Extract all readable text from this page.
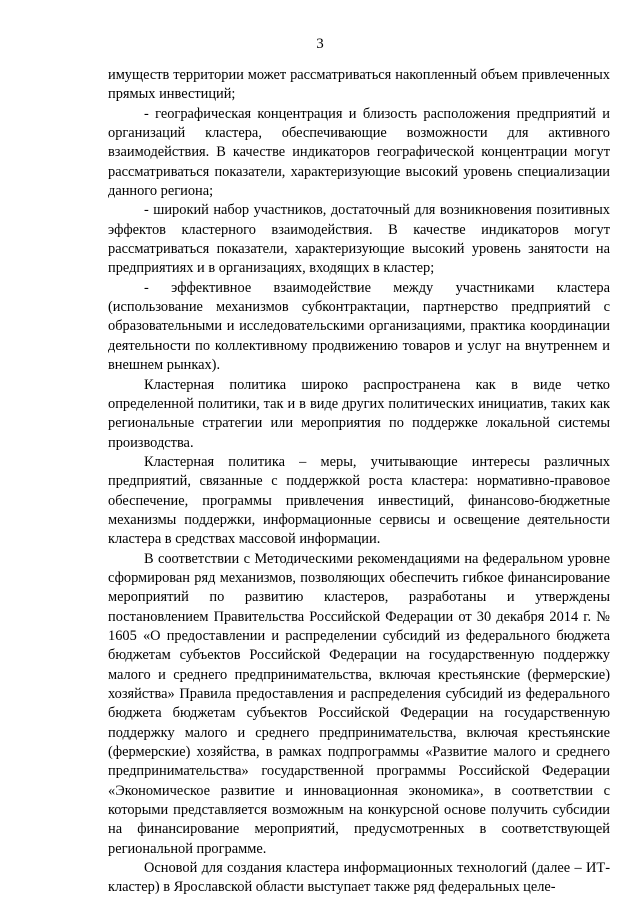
3

имуществ территории может рассматриваться накопленный объем привлеченных прямых инвестиций;

- географическая концентрация и близость расположения предприятий и организаций кластера, обеспечивающие возможности для активного взаимодействия. В качестве индикаторов географической концентрации могут рассматриваться показатели, характеризующие высокий уровень специализации данного региона;

- широкий набор участников, достаточный для возникновения позитивных эффектов кластерного взаимодействия. В качестве индикаторов могут рассматриваться показатели, характеризующие высокий уровень занятости на предприятиях и в организациях, входящих в кластер;

- эффективное взаимодействие между участниками кластера (использование механизмов субконтрактации, партнерство предприятий с образовательными и исследовательскими организациями, практика координации деятельности по коллективному продвижению товаров и услуг на внутреннем и внешнем рынках).

Кластерная политика широко распространена как в виде четко определенной политики, так и в виде других политических инициатив, таких как региональные стратегии или мероприятия по поддержке локальной системы производства.

Кластерная политика – меры, учитывающие интересы различных предприятий, связанные с поддержкой роста кластера: нормативно-правовое обеспечение, программы привлечения инвестиций, финансово-бюджетные механизмы поддержки, информационные сервисы и освещение деятельности кластера в средствах массовой информации.

В соответствии с Методическими рекомендациями на федеральном уровне сформирован ряд механизмов, позволяющих обеспечить гибкое финансирование мероприятий по развитию кластеров, разработаны и утверждены постановлением Правительства Российской Федерации от 30 декабря 2014 г. № 1605 «О предоставлении и распределении субсидий из федерального бюджета бюджетам субъектов Российской Федерации на государственную поддержку малого и среднего предпринимательства, включая крестьянские (фермерские) хозяйства» Правила предоставления и распределения субсидий из федерального бюджета бюджетам субъектов Российской Федерации на государственную поддержку малого и среднего предпринимательства, включая крестьянские (фермерские) хозяйства, в рамках подпрограммы «Развитие малого и среднего предпринимательства» государственной программы Российской Федерации «Экономическое развитие и инновационная экономика», в соответствии с которыми представляется возможным на конкурсной основе получить субсидии на финансирование мероприятий, предусмотренных в соответствующей региональной программе.

Основой для создания кластера информационных технологий (далее – ИТ-кластер) в Ярославской области выступает также ряд федеральных целе-
